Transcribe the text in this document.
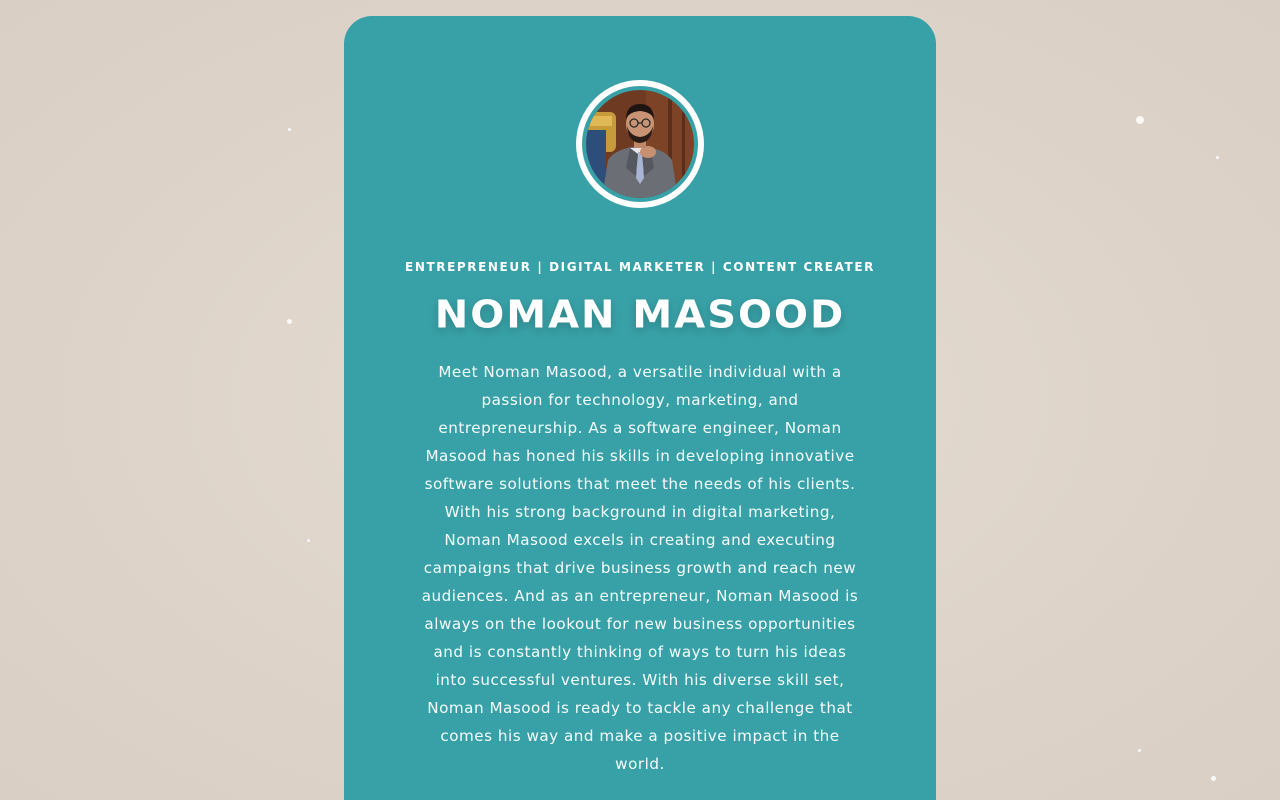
ENTREPRENEUR | DIGITAL MARKETER | CONTENT CREATER
NOMAN MASOOD
Meet Noman Masood, a versatile individual with a passion for technology, marketing, and entrepreneurship. As a software engineer, Noman Masood has honed his skills in developing innovative software solutions that meet the needs of his clients. With his strong background in digital marketing, Noman Masood excels in creating and executing campaigns that drive business growth and reach new audiences. And as an entrepreneur, Noman Masood is always on the lookout for new business opportunities and is constantly thinking of ways to turn his ideas into successful ventures. With his diverse skill set, Noman Masood is ready to tackle any challenge that comes his way and make a positive impact in the world.
